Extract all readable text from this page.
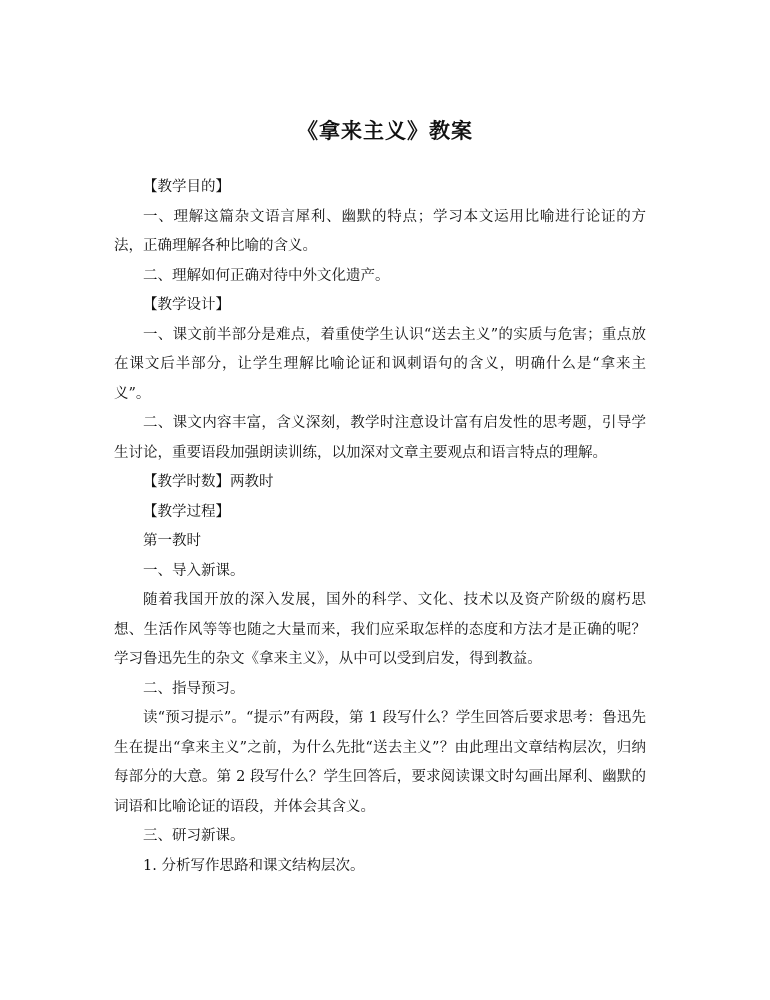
《拿来主义》教案

【教学目的】

一、理解这篇杂文语言犀利、幽默的特点；学习本文运用比喻进行论证的方法，正确理解各种比喻的含义。

二、理解如何正确对待中外文化遗产。

【教学设计】

一、课文前半部分是难点，着重使学生认识“送去主义”的实质与危害；重点放在课文后半部分，让学生理解比喻论证和讽刺语句的含义，明确什么是“拿来主义”。

二、课文内容丰富，含义深刻，教学时注意设计富有启发性的思考题，引导学生讨论，重要语段加强朗读训练，以加深对文章主要观点和语言特点的理解。

【教学时数】两教时

【教学过程】

第一教时

一、导入新课。

随着我国开放的深入发展，国外的科学、文化、技术以及资产阶级的腐朽思想、生活作风等等也随之大量而来，我们应采取怎样的态度和方法才是正确的呢？学习鲁迅先生的杂文《拿来主义》，从中可以受到启发，得到教益。

二、指导预习。

读“预习提示”。“提示”有两段，第 1 段写什么？学生回答后要求思考：鲁迅先生在提出“拿来主义”之前，为什么先批“送去主义”？由此理出文章结构层次，归纳每部分的大意。第 2 段写什么？学生回答后，要求阅读课文时勾画出犀利、幽默的词语和比喻论证的语段，并体会其含义。

三、研习新课。

1. 分析写作思路和课文结构层次。
